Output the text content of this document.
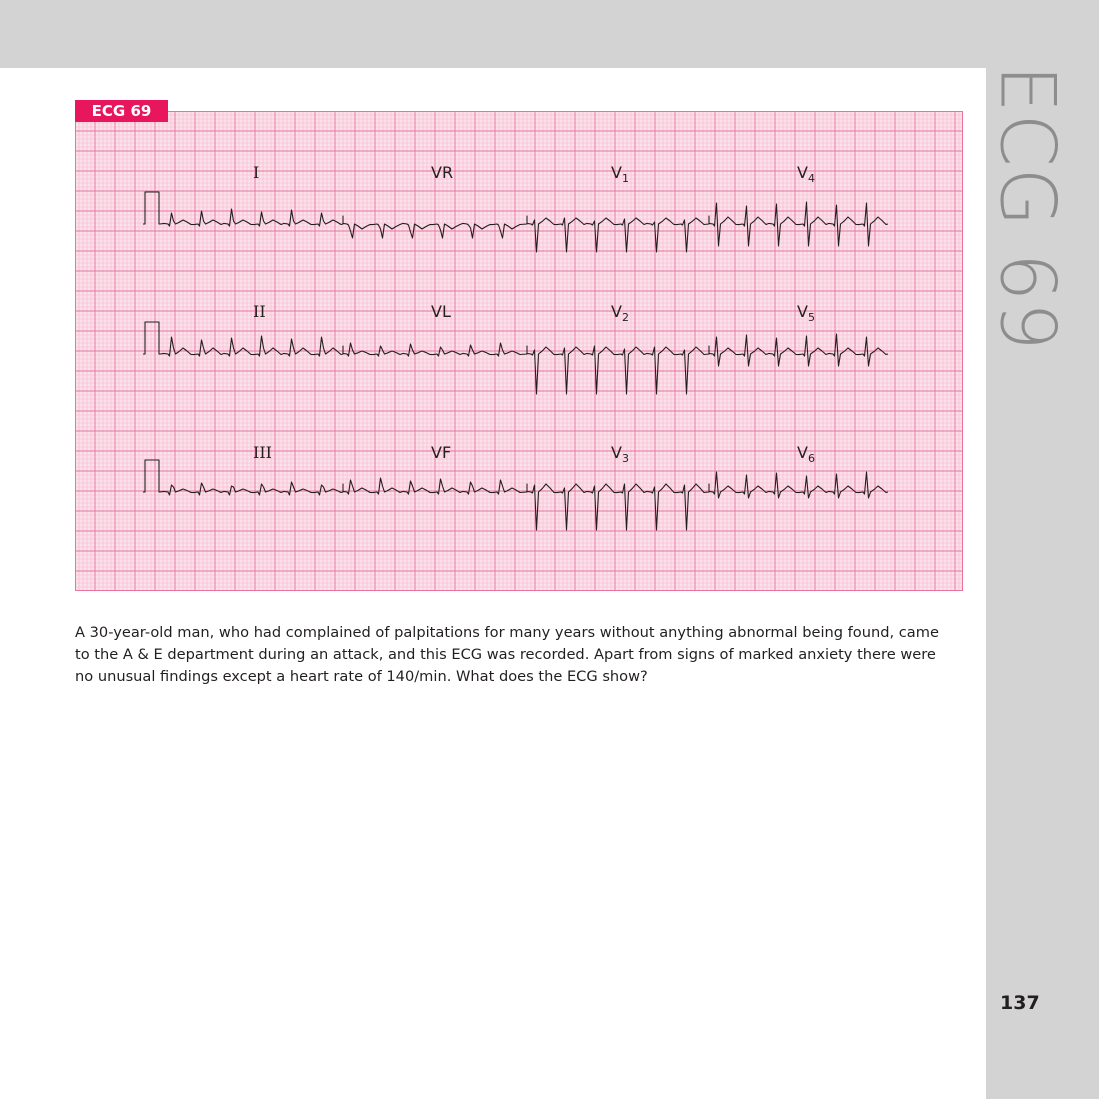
ECG 69
I	VR	$V_1$	$V_4$
II	VL	$V_2$	$V_5$
III	VF	$V_3$	$V_6$
ECG 69

A 30-year-old man, who had complained of palpitations for many years without anything abnormal being found, came to the A & E department during an attack, and this ECG was recorded. Apart from signs of marked anxiety there were no unusual findings except a heart rate of 140/min. What does the ECG show?

137
